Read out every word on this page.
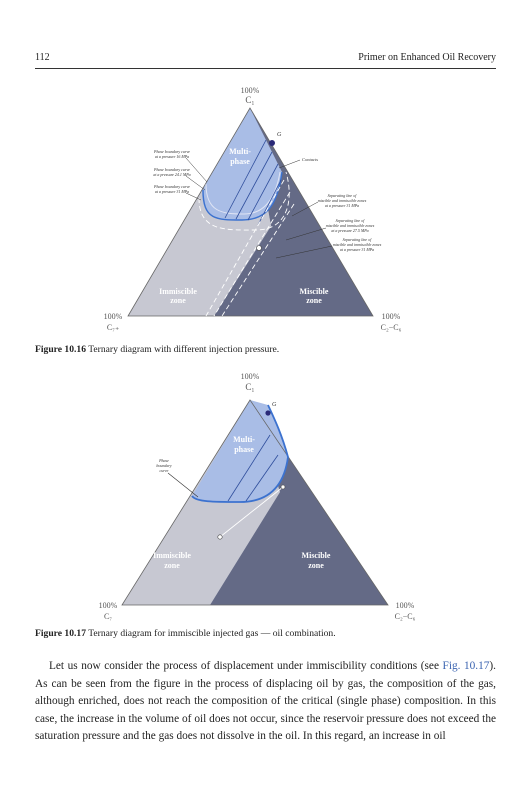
112	Primer on Enhanced Oil Recovery
G
100%
C₁
100%
C₇₊
100%
C₂−C₆
Multi-
phase
Immiscible
zone
Miscible
zone
Phase boundary curve
at a pressure 16 MPa
Phase boundary curve
at a pressure 24.1 MPa
Phase boundary curve
at a pressure 31 MPa
Contacts
Separating line of
miscible and immiscible zones
at a pressure 31 MPa
Separating line of
miscible and immiscible zones
at a pressure 27.5 MPa
Separating line of
miscible and immiscible zones
at a pressure 31 MPa
Figure 10.16 Ternary diagram with different injection pressure.
G
100%
C₁
100%
C₇
100%
C₂−C₆
Multi-
phase
Immiscible
zone
Miscible
zone
Phase
boundary
curve
Figure 10.17 Ternary diagram for immiscible injected gas — oil combination.

Let us now consider the process of displacement under immiscibility conditions (see Fig. 10.17). As can be seen from the figure in the process of displacing oil by gas, the composition of the gas, although enriched, does not reach the composition of the critical (single phase) composition. In this case, the increase in the volume of oil does not occur, since the reservoir pressure does not exceed the saturation pressure and the gas does not dissolve in the oil. In this regard, an increase in oil
